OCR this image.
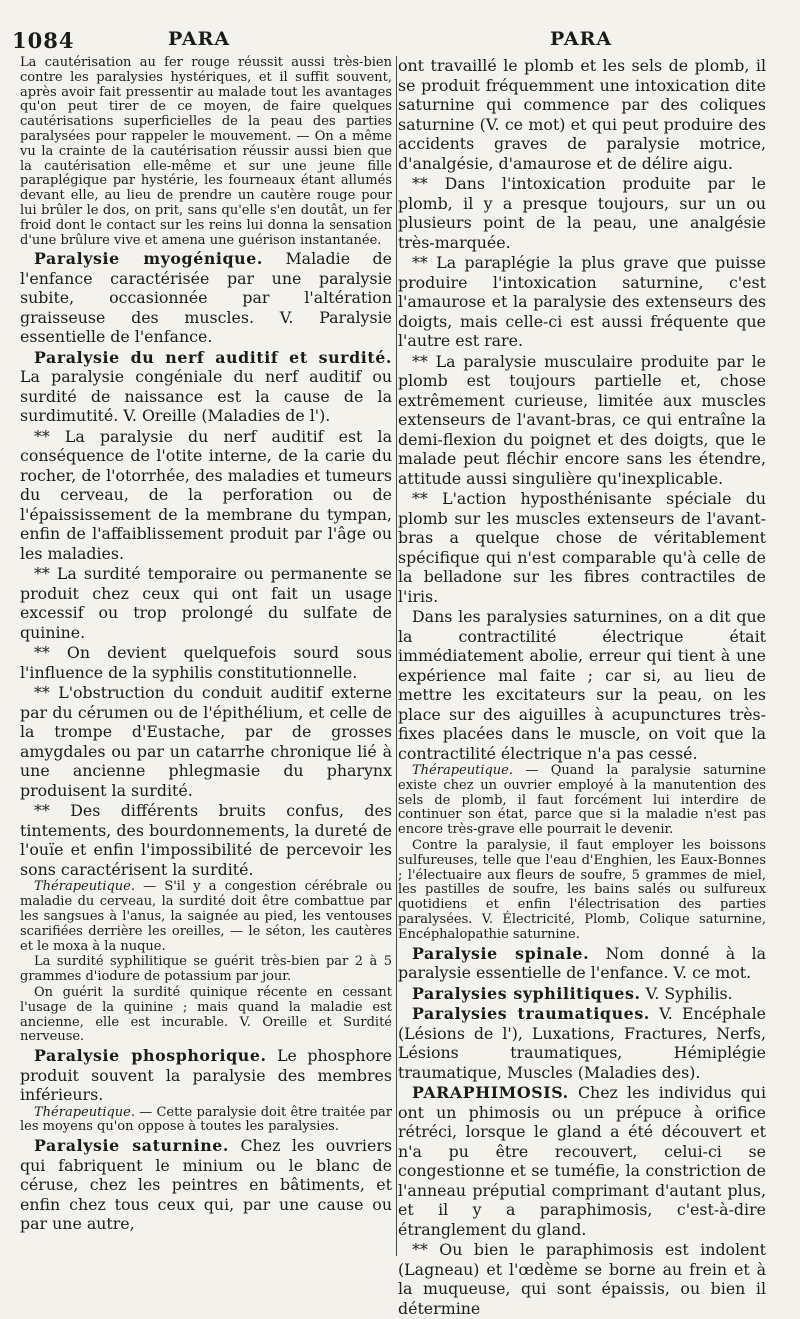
1084	PARA	PARA

La cautérisation au fer rouge réussit aussi très-bien contre les paralysies hystériques, et il suffit souvent, après avoir fait pressentir au malade tout les avantages qu'on peut tirer de ce moyen, de faire quelques cautérisations superficielles de la peau des parties paralysées pour rappeler le mouvement. — On a même vu la crainte de la cautérisation réussir aussi bien que la cautérisation elle-même et sur une jeune fille paraplégique par hystérie, les fourneaux étant allumés devant elle, au lieu de prendre un cautère rouge pour lui brûler le dos, on prit, sans qu'elle s'en doutât, un fer froid dont le contact sur les reins lui donna la sensation d'une brûlure vive et amena une guérison instantanée.

Paralysie myogénique. Maladie de l'enfance caractérisée par une paralysie subite, occasionnée par l'altération graisseuse des muscles. V. Paralysie essentielle de l'enfance.

Paralysie du nerf auditif et surdité. La paralysie congéniale du nerf auditif ou surdité de naissance est la cause de la surdimutité. V. Oreille (Maladies de l').

** La paralysie du nerf auditif est la conséquence de l'otite interne, de la carie du rocher, de l'otorrhée, des maladies et tumeurs du cerveau, de la perforation ou de l'épaississement de la membrane du tympan, enfin de l'affaiblissement produit par l'âge ou les maladies.

** La surdité temporaire ou permanente se produit chez ceux qui ont fait un usage excessif ou trop prolongé du sulfate de quinine.

** On devient quelquefois sourd sous l'influence de la syphilis constitutionnelle.

** L'obstruction du conduit auditif externe par du cérumen ou de l'épithélium, et celle de la trompe d'Eustache, par de grosses amygdales ou par un catarrhe chronique lié à une ancienne phlegmasie du pharynx produisent la surdité.

** Des différents bruits confus, des tintements, des bourdonnements, la dureté de l'ouïe et enfin l'impossibilité de percevoir les sons caractérisent la surdité.

Thérapeutique. — S'il y a congestion cérébrale ou maladie du cerveau, la surdité doit être combattue par les sangsues à l'anus, la saignée au pied, les ventouses scarifiées derrière les oreilles, — le séton, les cautères et le moxa à la nuque.

La surdité syphilitique se guérit très-bien par 2 à 5 grammes d'iodure de potassium par jour.

On guérit la surdité quinique récente en cessant l'usage de la quinine ; mais quand la maladie est ancienne, elle est incurable. V. Oreille et Surdité nerveuse.

Paralysie phosphorique. Le phosphore produit souvent la paralysie des membres inférieurs.

Thérapeutique. — Cette paralysie doit être traitée par les moyens qu'on oppose à toutes les paralysies.

Paralysie saturnine. Chez les ouvriers qui fabriquent le minium ou le blanc de céruse, chez les peintres en bâtiments, et enfin chez tous ceux qui, par une cause ou par une autre,

ont travaillé le plomb et les sels de plomb, il se produit fréquemment une intoxication dite saturnine qui commence par des coliques saturnine (V. ce mot) et qui peut produire des accidents graves de paralysie motrice, d'analgésie, d'amaurose et de délire aigu.

** Dans l'intoxication produite par le plomb, il y a presque toujours, sur un ou plusieurs point de la peau, une analgésie très-marquée.

** La paraplégie la plus grave que puisse produire l'intoxication saturnine, c'est l'amaurose et la paralysie des extenseurs des doigts, mais celle-ci est aussi fréquente que l'autre est rare.

** La paralysie musculaire produite par le plomb est toujours partielle et, chose extrêmement curieuse, limitée aux muscles extenseurs de l'avant-bras, ce qui entraîne la demi-flexion du poignet et des doigts, que le malade peut fléchir encore sans les étendre, attitude aussi singulière qu'inexplicable.

** L'action hyposthénisante spéciale du plomb sur les muscles extenseurs de l'avant-bras a quelque chose de véritablement spécifique qui n'est comparable qu'à celle de la belladone sur les fibres contractiles de l'iris.

Dans les paralysies saturnines, on a dit que la contractilité électrique était immédiatement abolie, erreur qui tient à une expérience mal faite ; car si, au lieu de mettre les excitateurs sur la peau, on les place sur des aiguilles à acupunctures très-fixes placées dans le muscle, on voit que la contractilité électrique n'a pas cessé.

Thérapeutique. — Quand la paralysie saturnine existe chez un ouvrier employé à la manutention des sels de plomb, il faut forcément lui interdire de continuer son état, parce que si la maladie n'est pas encore très-grave elle pourrait le devenir.

Contre la paralysie, il faut employer les boissons sulfureuses, telle que l'eau d'Enghien, les Eaux-Bonnes ; l'électuaire aux fleurs de soufre, 5 grammes de miel, les pastilles de soufre, les bains salés ou sulfureux quotidiens et enfin l'électrisation des parties paralysées. V. Électricité, Plomb, Colique saturnine, Encéphalopathie saturnine.

Paralysie spinale. Nom donné à la paralysie essentielle de l'enfance. V. ce mot.

Paralysies syphilitiques. V. Syphilis.

Paralysies traumatiques. V. Encéphale (Lésions de l'), Luxations, Fractures, Nerfs, Lésions traumatiques, Hémiplégie traumatique, Muscles (Maladies des).

PARAPHIMOSIS. Chez les individus qui ont un phimosis ou un prépuce à orifice rétréci, lorsque le gland a été découvert et n'a pu être recouvert, celui-ci se congestionne et se tuméfie, la constriction de l'anneau préputial comprimant d'autant plus, et il y a paraphimosis, c'est-à-dire étranglement du gland.

** Ou bien le paraphimosis est indolent (Lagneau) et l'œdème se borne au frein et à la muqueuse, qui sont épaissis, ou bien il détermine
